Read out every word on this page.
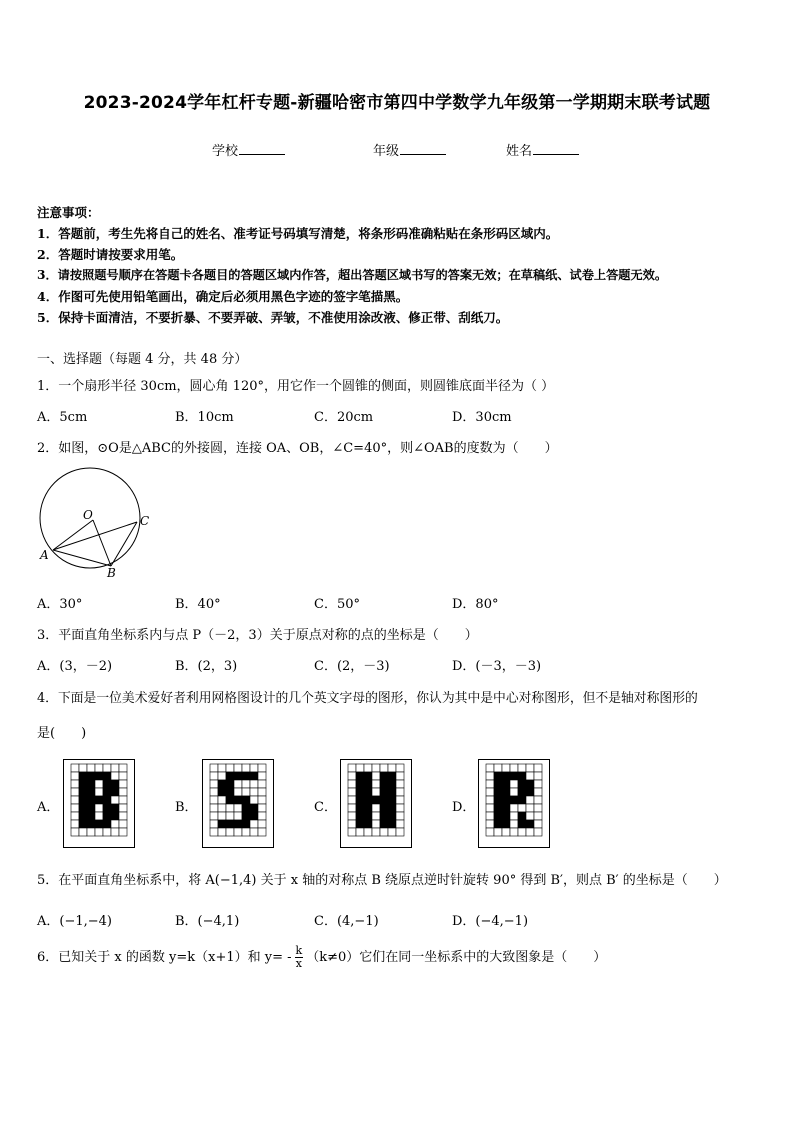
2023-2024学年杠杆专题-新疆哈密市第四中学数学九年级第一学期期末联考试题
学校	年级	姓名
注意事项：
1．答题前，考生先将自己的姓名、准考证号码填写清楚，将条形码准确粘贴在条形码区域内。
2．答题时请按要求用笔。
3．请按照题号顺序在答题卡各题目的答题区域内作答，超出答题区域书写的答案无效；在草稿纸、试卷上答题无效。
4．作图可先使用铅笔画出，确定后必须用黑色字迹的签字笔描黑。
5．保持卡面清洁，不要折暴、不要弄破、弄皱，不准使用涂改液、修正带、刮纸刀。
一、选择题（每题 4 分，共 48 分）
1．一个扇形半径 30cm，圆心角 120°，用它作一个圆锥的侧面，则圆锥底面半径为（ ）
A．5cm	B．10cm	C．20cm	D．30cm
2．如图，⊙O是△ABC的外接圆，连接 OA、OB，∠C=40°，则∠OAB的度数为（　　）
O
A
B
C
A．30°	B．40°	C．50°	D．80°
3．平面直角坐标系内与点 P（－2，3）关于原点对称的点的坐标是（　　）
A．(3，－2)	B．(2，3)	C．(2，－3)	D．(－3，－3)
4．下面是一位美术爱好者利用网格图设计的几个英文字母的图形，你认为其中是中心对称图形，但不是轴对称图形的
是(　　)
A．	B．	C．	D．
5．在平面直角坐标系中，将 A(−1,4) 关于 x 轴的对称点 B 绕原点逆时针旋转 90° 得到 B′，则点 B′ 的坐标是（　　）
A．(−1,−4)	B．(−4,1)	C．(4,−1)	D．(−4,−1)
6．已知关于 x 的函数 y=k（x+1）和 $y= - \frac{k}{x} (k\ne 0)$它们在同一坐标系中的大致图象是（　　）
